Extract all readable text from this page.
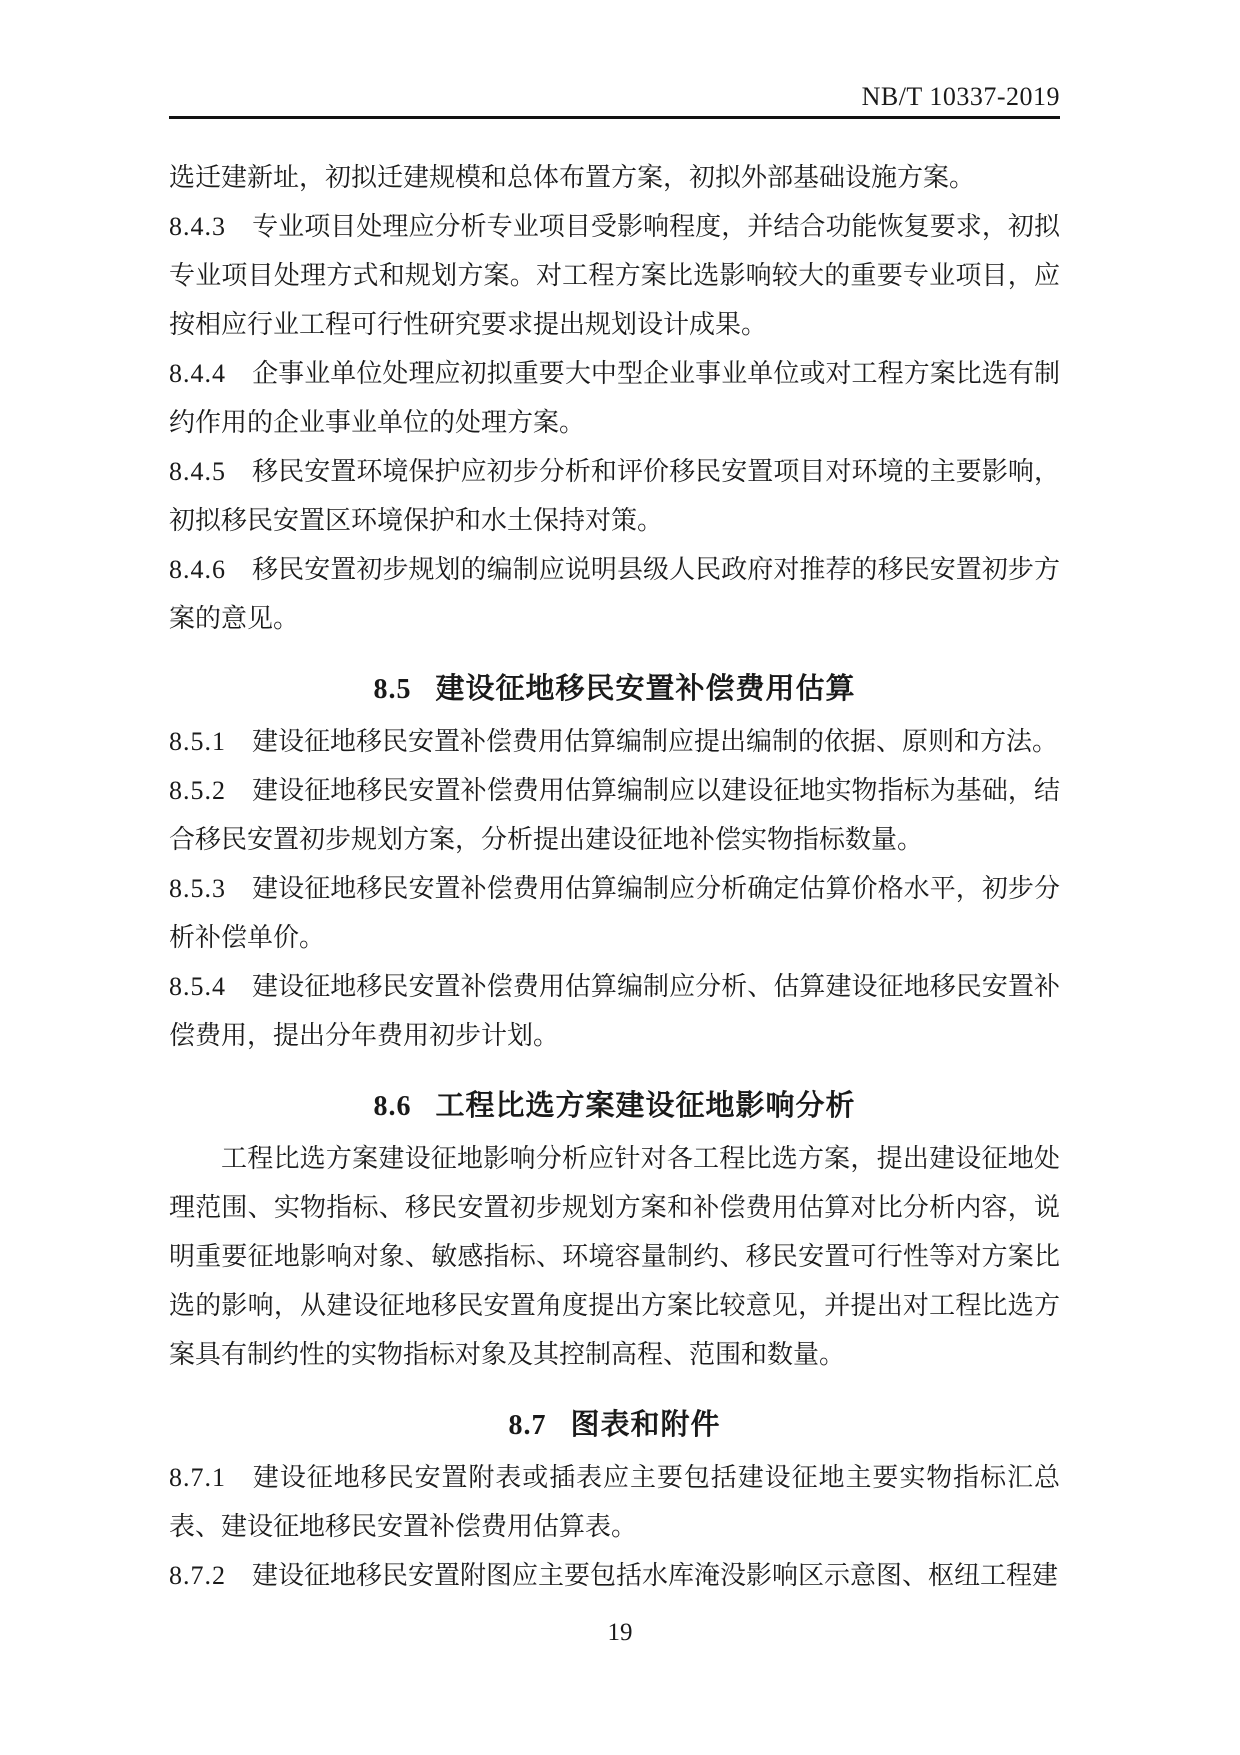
NB/T 10337-2019

选迁建新址，初拟迁建规模和总体布置方案，初拟外部基础设施方案。

8.4.3 专业项目处理应分析专业项目受影响程度，并结合功能恢复要求，初拟专业项目处理方式和规划方案。对工程方案比选影响较大的重要专业项目，应按相应行业工程可行性研究要求提出规划设计成果。

8.4.4 企事业单位处理应初拟重要大中型企业事业单位或对工程方案比选有制约作用的企业事业单位的处理方案。

8.4.5 移民安置环境保护应初步分析和评价移民安置项目对环境的主要影响，初拟移民安置区环境保护和水土保持对策。

8.4.6 移民安置初步规划的编制应说明县级人民政府对推荐的移民安置初步方案的意见。

8.5 建设征地移民安置补偿费用估算

8.5.1 建设征地移民安置补偿费用估算编制应提出编制的依据、原则和方法。

8.5.2 建设征地移民安置补偿费用估算编制应以建设征地实物指标为基础，结合移民安置初步规划方案，分析提出建设征地补偿实物指标数量。

8.5.3 建设征地移民安置补偿费用估算编制应分析确定估算价格水平，初步分析补偿单价。

8.5.4 建设征地移民安置补偿费用估算编制应分析、估算建设征地移民安置补偿费用，提出分年费用初步计划。

8.6 工程比选方案建设征地影响分析

工程比选方案建设征地影响分析应针对各工程比选方案，提出建设征地处理范围、实物指标、移民安置初步规划方案和补偿费用估算对比分析内容，说明重要征地影响对象、敏感指标、环境容量制约、移民安置可行性等对方案比选的影响，从建设征地移民安置角度提出方案比较意见，并提出对工程比选方案具有制约性的实物指标对象及其控制高程、范围和数量。

8.7 图表和附件

8.7.1 建设征地移民安置附表或插表应主要包括建设征地主要实物指标汇总表、建设征地移民安置补偿费用估算表。

8.7.2 建设征地移民安置附图应主要包括水库淹没影响区示意图、枢纽工程建

19
